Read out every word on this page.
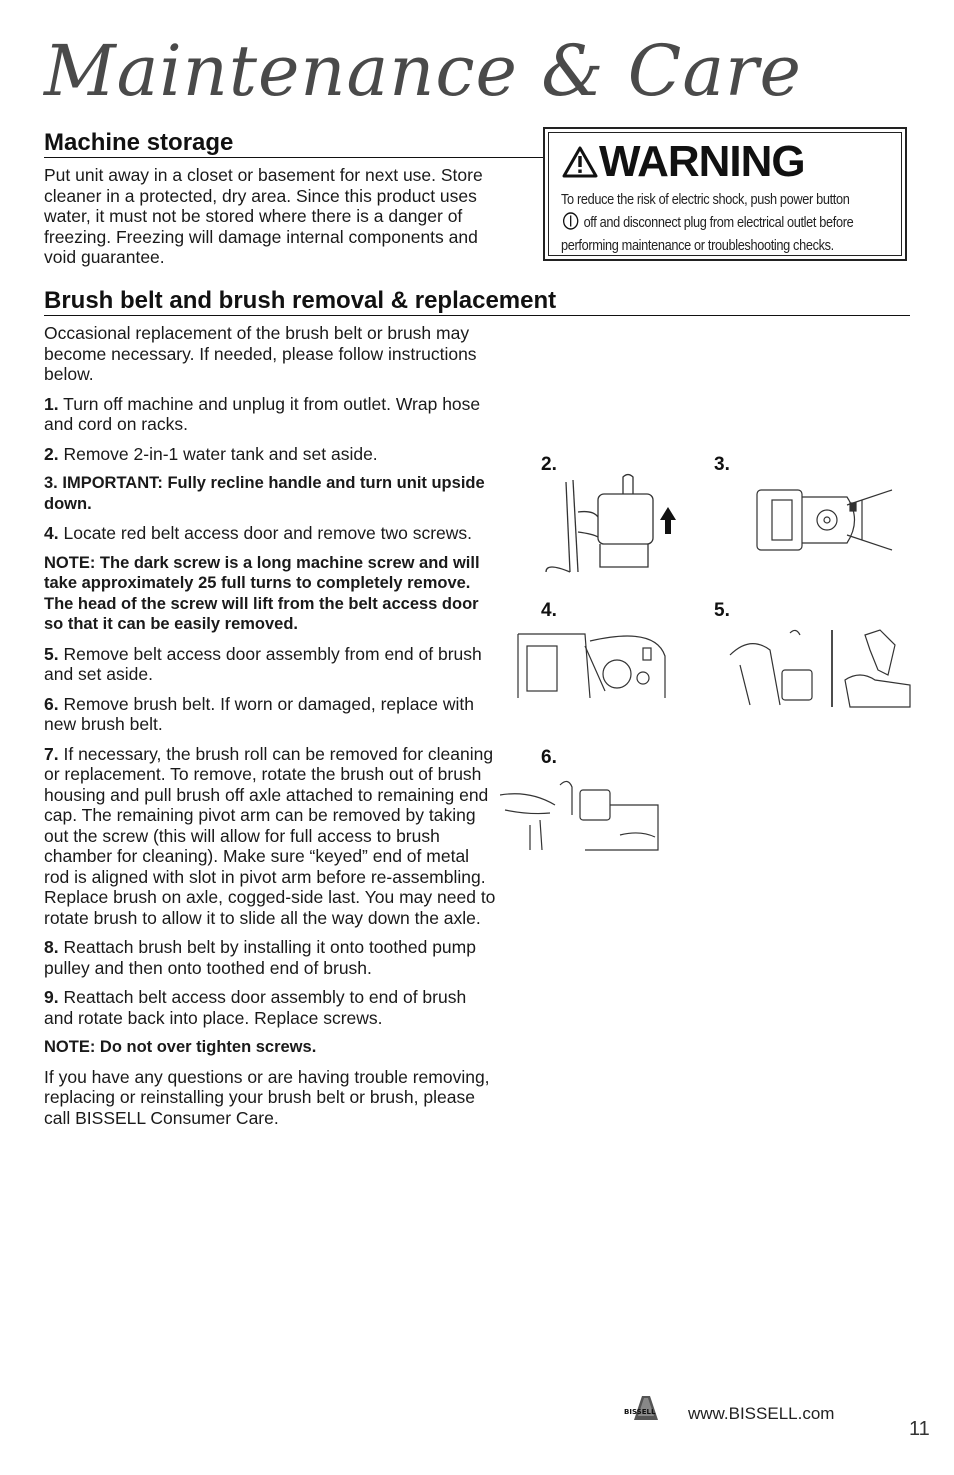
Maintenance & Care
Machine storage

Put unit away in a closet or basement for next use. Store cleaner in a protected, dry area. Since this product uses water, it must not be stored where there is a danger of freezing. Freezing will damage internal components and void guarantee.

WARNING
To reduce the risk of electric shock, push power button
off and disconnect plug from electrical outlet before performing maintenance or troubleshooting checks.
Brush belt and brush removal & replacement

Occasional replacement of the brush belt or brush may become necessary. If needed, please follow instructions below.

1. Turn off machine and unplug it from outlet. Wrap hose and cord on racks.

2. Remove 2-in-1 water tank and set aside.

3. IMPORTANT: Fully recline handle and turn unit upside down.

4. Locate red belt access door and remove two screws.

NOTE: The dark screw is a long machine screw and will take approximately 25 full turns to completely remove. The head of the screw will lift from the belt access door so that it can be easily removed.

5. Remove belt access door assembly from end of brush and set aside.

6. Remove brush belt. If worn or damaged, replace with new brush belt.

7. If necessary, the brush roll can be removed for cleaning or replacement. To remove, rotate the brush out of brush housing and pull brush off axle attached to remaining end cap. The remaining pivot arm can be removed by taking out the screw (this will allow for full access to brush chamber for cleaning). Make sure “keyed” end of metal rod is aligned with slot in pivot arm before re-assembling. Replace brush on axle, cogged-side last. You may need to rotate brush to allow it to slide all the way down the axle.

8. Reattach brush belt by installing it onto toothed pump pulley and then onto toothed end of brush.

9. Reattach belt access door assembly to end of brush and rotate back into place. Replace screws.

NOTE: Do not over tighten screws.

If you have any questions or are having trouble removing, replacing or reinstalling your brush belt or brush, please call BISSELL Consumer Care.

2.	3.
4.	5.
6.
BISSELL www.BISSELL.com
11
